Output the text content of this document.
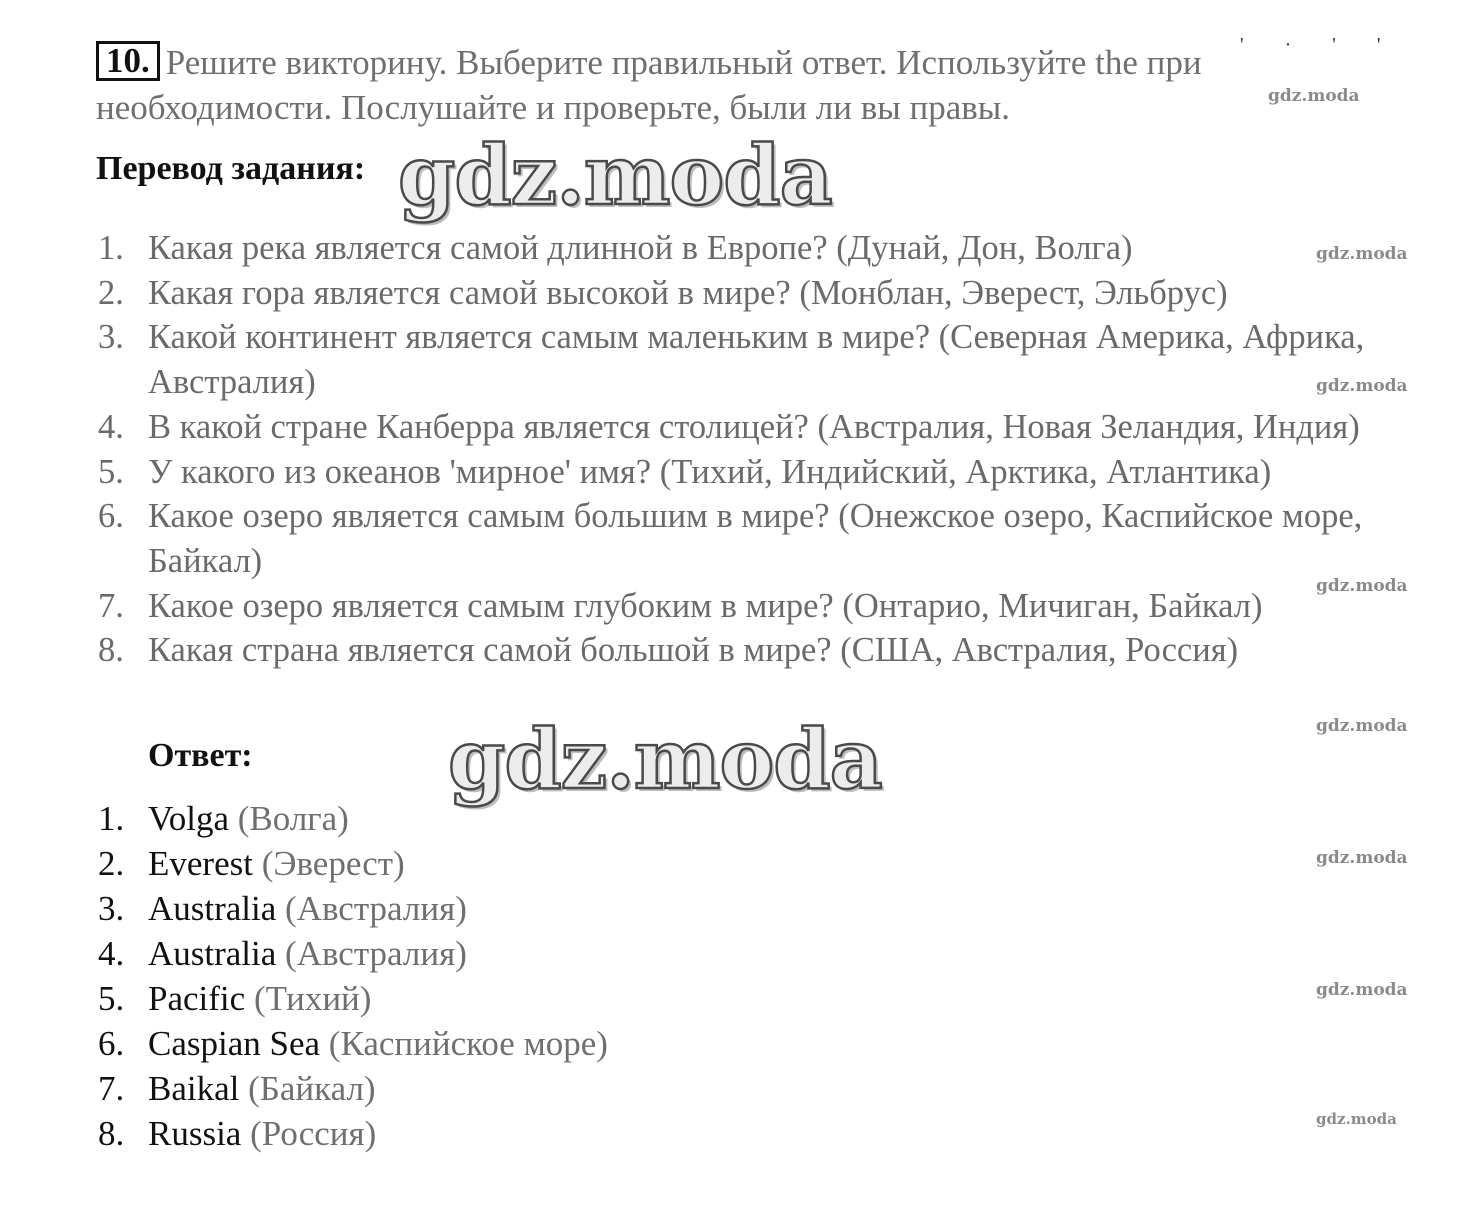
' · ' '
10. Решите викторину. Выберите правильный ответ. Используйте the при необходимости. Послушайте и проверьте, были ли вы правы.
Перевод задания:
1. Какая река является самой длинной в Европе? (Дунай, Дон, Волга)
2. Какая гора является самой высокой в мире? (Монблан, Эверест, Эльбрус)
3. Какой континент является самым маленьким в мире? (Северная Америка, Африка, Австралия)
4. В какой стране Канберра является столицей? (Австралия, Новая Зеландия, Индия)
5. У какого из океанов 'мирное' имя? (Тихий, Индийский, Арктика, Атлантика)
6. Какое озеро является самым большим в мире? (Онежское озеро, Каспийское море, Байкал)
7. Какое озеро является самым глубоким в мире? (Онтарио, Мичиган, Байкал)
8. Какая страна является самой большой в мире? (США, Австралия, Россия)
Ответ:
1. Volga (Волга)
2. Everest (Эверест)
3. Australia (Австралия)
4. Australia (Австралия)
5. Pacific (Тихий)
6. Caspian Sea (Каспийское море)
7. Baikal (Байкал)
8. Russia (Россия)
gdz.moda
gdz.moda
gdz.moda
gdz.moda
gdz.moda
gdz.moda
gdz.moda
gdz.moda
gdz.moda
gdz.moda
